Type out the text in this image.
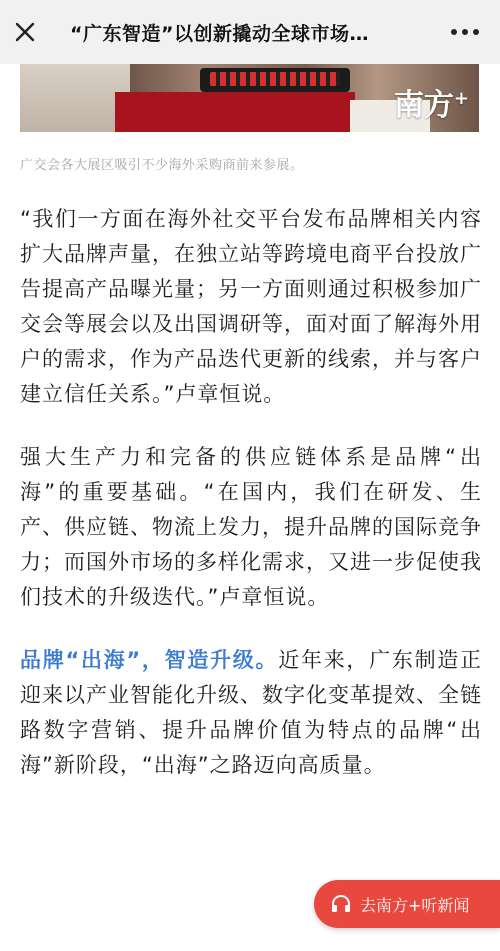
“广东智造”以创新撬动全球市场…
南方+
广交会各大展区吸引不少海外采购商前来参展。

“我们一方面在海外社交平台发布品牌相关内容扩大品牌声量，在独立站等跨境电商平台投放广告提高产品曝光量；另一方面则通过积极参加广交会等展会以及出国调研等，面对面了解海外用户的需求，作为产品迭代更新的线索，并与客户建立信任关系。”卢章恒说。

强大生产力和完备的供应链体系是品牌“出海”的重要基础。“在国内，我们在研发、生产、供应链、物流上发力，提升品牌的国际竞争力；而国外市场的多样化需求，又进一步促使我们技术的升级迭代。”卢章恒说。

品牌“出海”，智造升级。近年来，广东制造正迎来以产业智能化升级、数字化变革提效、全链路数字营销、提升品牌价值为特点的品牌“出海”新阶段，“出海”之路迈向高质量。

去南方+听新闻
